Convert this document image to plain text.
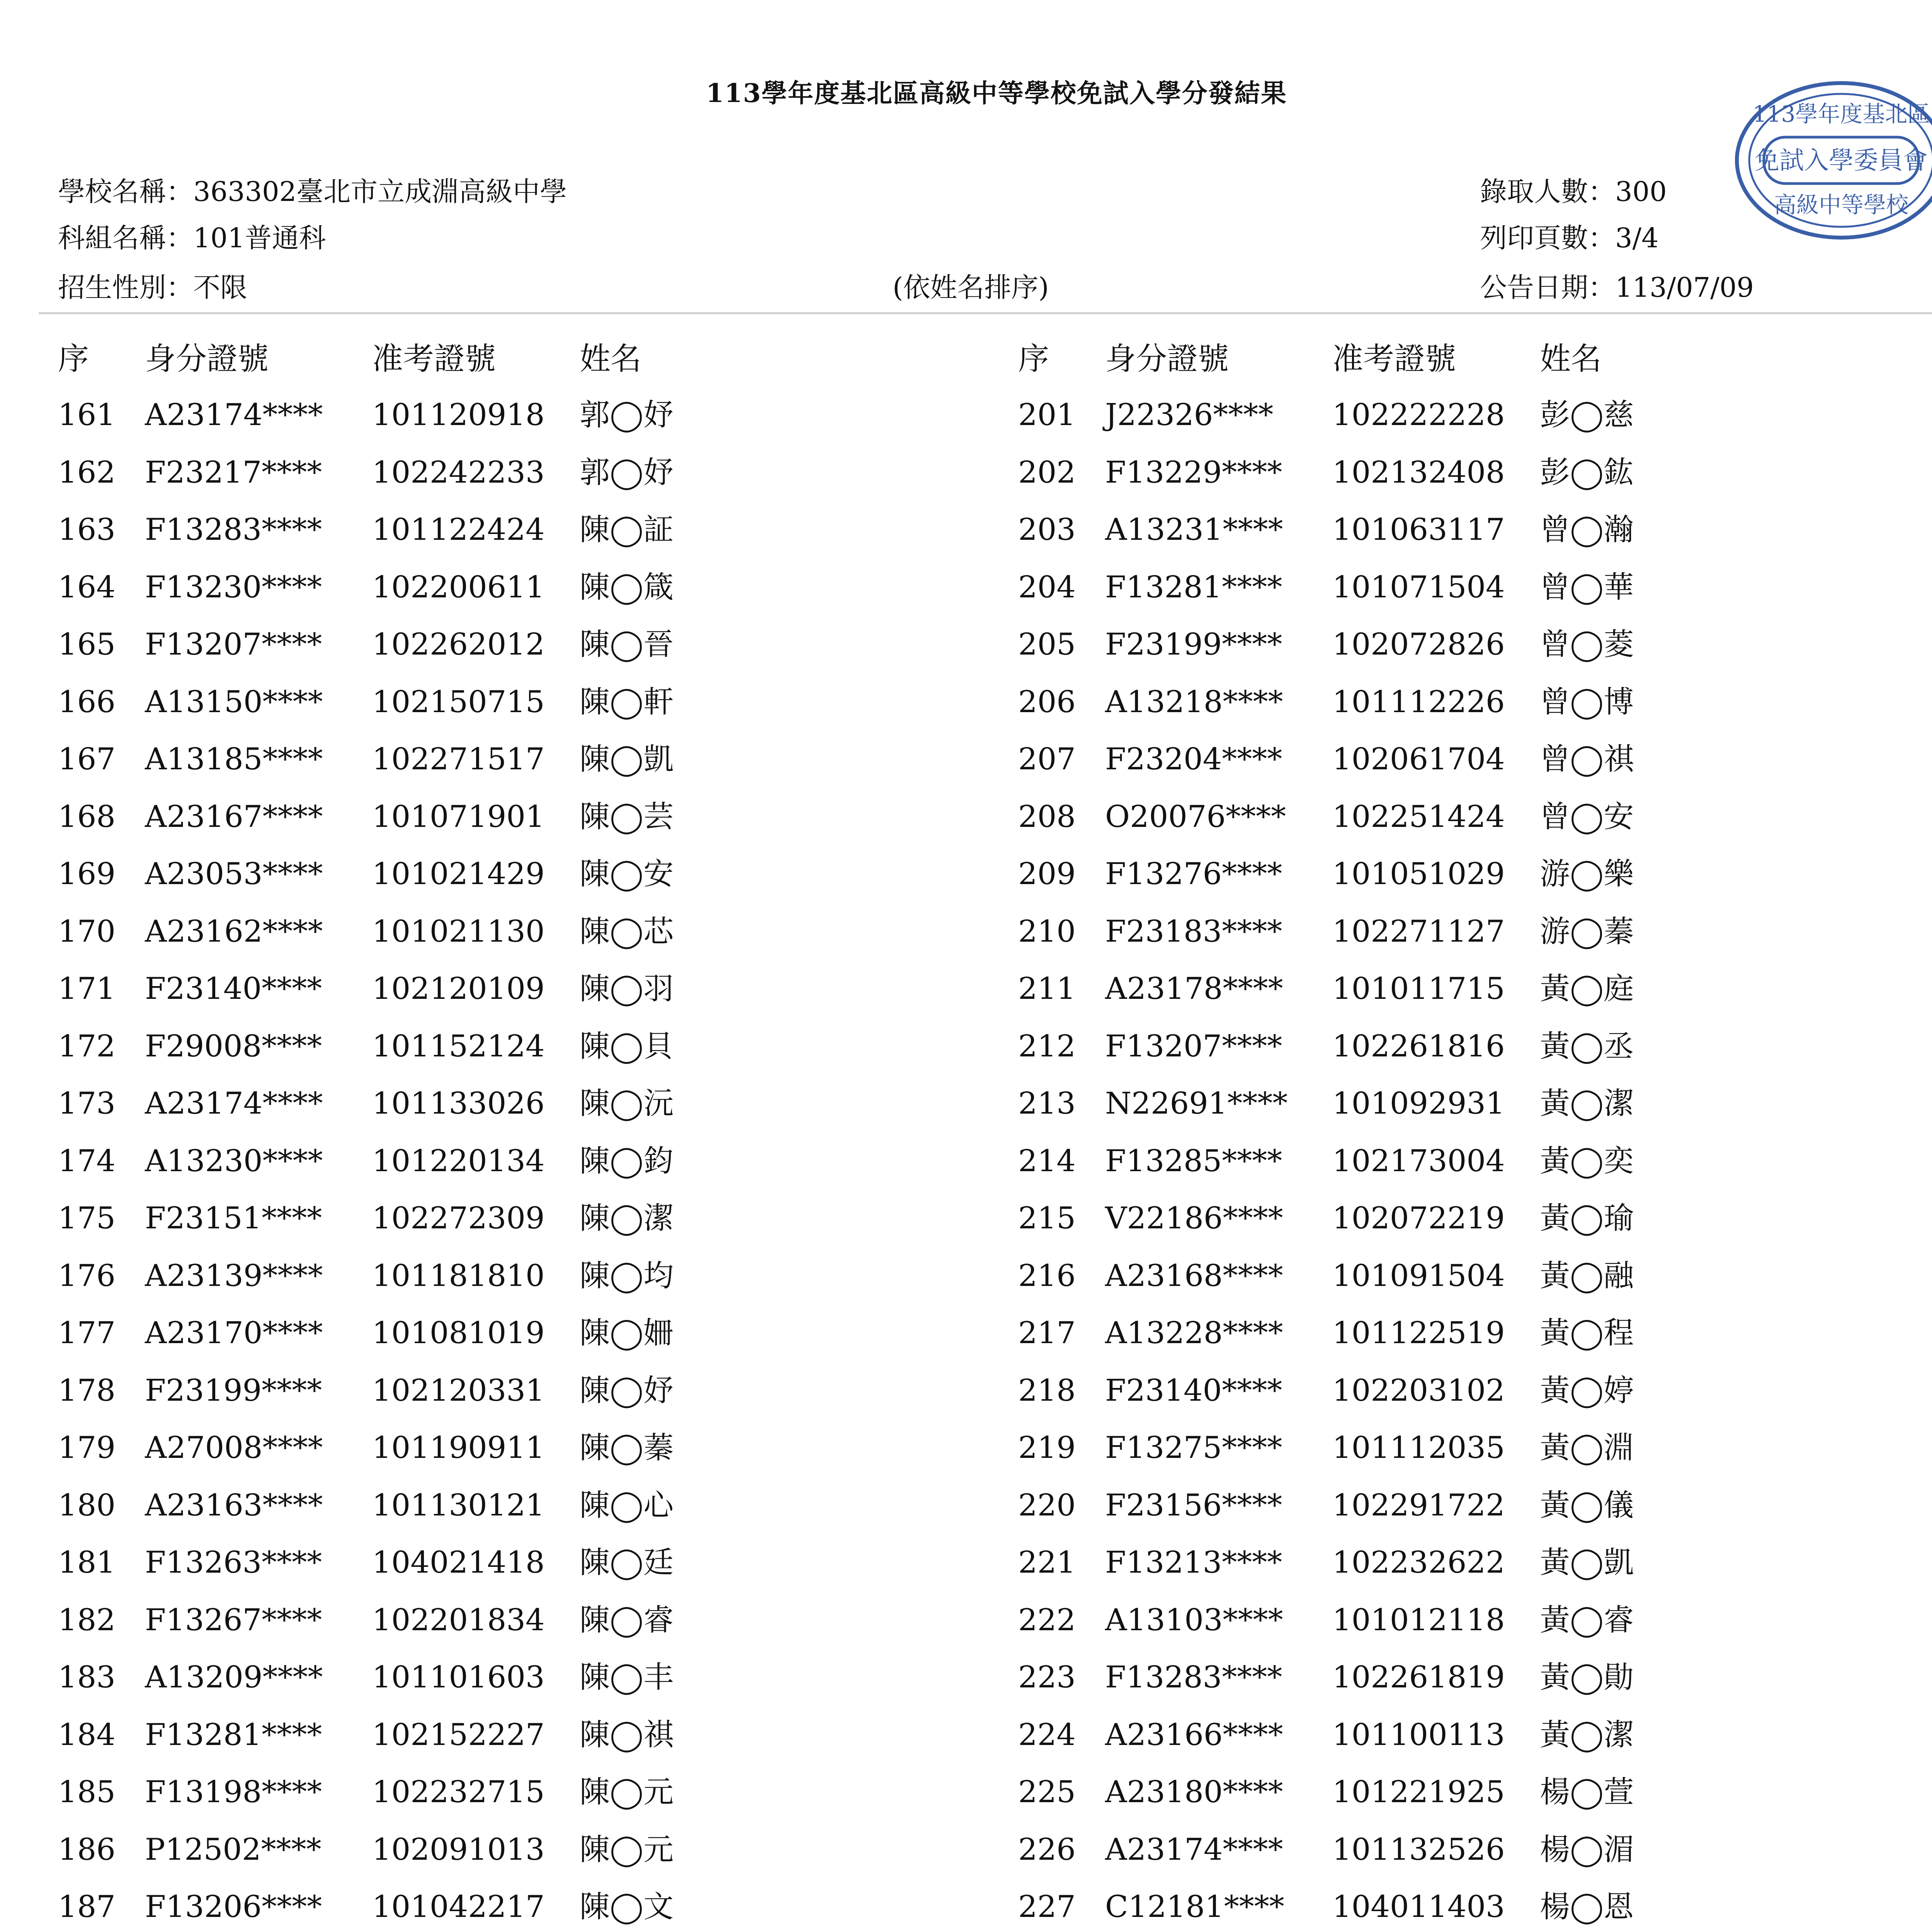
113學年度基北區高級中等學校免試入學分發結果
113學年度基北區
免試入學委員會
高級中等學校
學校名稱：363302臺北市立成淵高級中學
科組名稱：101普通科
招生性別：不限	(依姓名排序)
錄取人數：300
列印頁數：3/4
公告日期：113/07/09
序 身分證號	准考證號	姓名	序 身分證號	准考證號	姓名
161 A23174**** 101120918 郭◯妤
162 F23217**** 102242233 郭◯妤
163 F13283**** 101122424 陳◯証
164 F13230**** 102200611 陳◯箴
165 F13207**** 102262012 陳◯晉
166 A13150**** 102150715 陳◯軒
167 A13185**** 102271517 陳◯凱
168 A23167**** 101071901 陳◯芸
169 A23053**** 101021429 陳◯安
170 A23162**** 101021130 陳◯芯
171 F23140**** 102120109 陳◯羽
172 F29008**** 101152124 陳◯貝
173 A23174**** 101133026 陳◯沅
174 A13230**** 101220134 陳◯鈞
175 F23151**** 102272309 陳◯潔
176 A23139**** 101181810 陳◯均
177 A23170**** 101081019 陳◯姍
178 F23199**** 102120331 陳◯妤
179 A27008**** 101190911 陳◯蓁
180 A23163**** 101130121 陳◯心
181 F13263**** 104021418 陳◯廷
182 F13267**** 102201834 陳◯睿
183 A13209**** 101101603 陳◯丰
184 F13281**** 102152227 陳◯祺
185 F13198**** 102232715 陳◯元
186 P12502**** 102091013 陳◯元
187 F13206**** 101042217 陳◯文
201 J22326**** 102222228 彭◯慈
202 F13229**** 102132408 彭◯鈜
203 A13231**** 101063117 曾◯瀚
204 F13281**** 101071504 曾◯華
205 F23199**** 102072826 曾◯菱
206 A13218**** 101112226 曾◯博
207 F23204**** 102061704 曾◯祺
208 O20076**** 102251424 曾◯安
209 F13276**** 101051029 游◯樂
210 F23183**** 102271127 游◯蓁
211 A23178**** 101011715 黃◯庭
212 F13207**** 102261816 黃◯丞
213 N22691**** 101092931 黃◯潔
214 F13285**** 102173004 黃◯奕
215 V22186**** 102072219 黃◯瑜
216 A23168**** 101091504 黃◯融
217 A13228**** 101122519 黃◯程
218 F23140**** 102203102 黃◯婷
219 F13275**** 101112035 黃◯淵
220 F23156**** 102291722 黃◯儀
221 F13213**** 102232622 黃◯凱
222 A13103**** 101012118 黃◯睿
223 F13283**** 102261819 黃◯勛
224 A23166**** 101100113 黃◯潔
225 A23180**** 101221925 楊◯萱
226 A23174**** 101132526 楊◯湄
227 C12181**** 104011403 楊◯恩
